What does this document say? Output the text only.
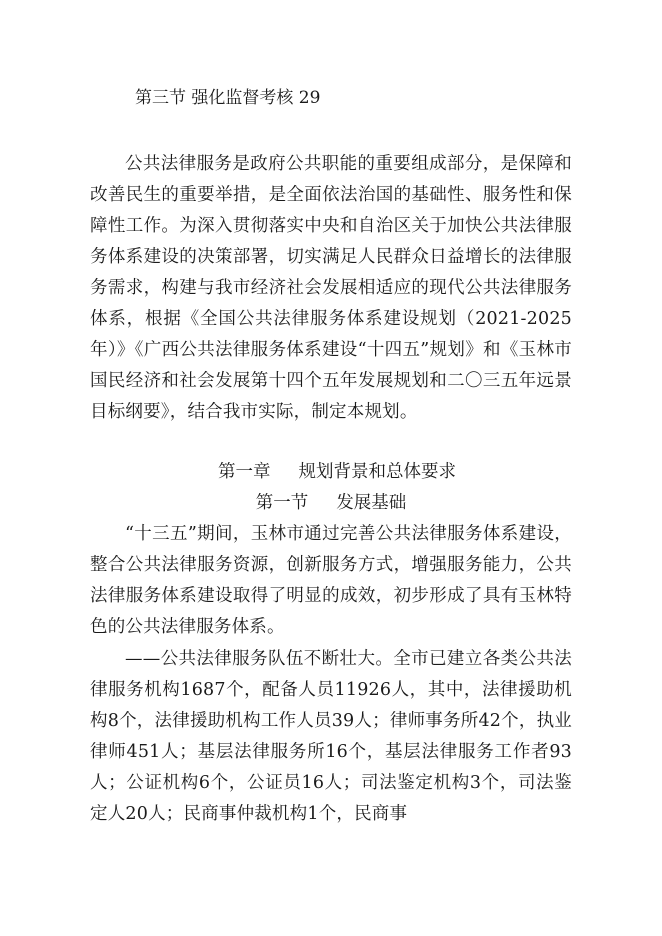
第三节 强化监督考核 29

公共法律服务是政府公共职能的重要组成部分，是保障和改善民生的重要举措，是全面依法治国的基础性、服务性和保障性工作。为深入贯彻落实中央和自治区关于加快公共法律服务体系建设的决策部署，切实满足人民群众日益增长的法律服务需求，构建与我市经济社会发展相适应的现代公共法律服务体系，根据《全国公共法律服务体系建设规划（2021-2025年）》《广西公共法律服务体系建设“十四五”规划》和《玉林市国民经济和社会发展第十四个五年发展规划和二〇三五年远景目标纲要》，结合我市实际，制定本规划。

第一章 规划背景和总体要求
第一节 发展基础

“十三五”期间，玉林市通过完善公共法律服务体系建设，整合公共法律服务资源，创新服务方式，增强服务能力，公共法律服务体系建设取得了明显的成效，初步形成了具有玉林特色的公共法律服务体系。

——公共法律服务队伍不断壮大。全市已建立各类公共法律服务机构1687个，配备人员11926人，其中，法律援助机构8个，法律援助机构工作人员39人；律师事务所42个，执业律师451人；基层法律服务所16个，基层法律服务工作者93人；公证机构6个，公证员16人；司法鉴定机构3个，司法鉴定人20人；民商事仲裁机构1个，民商事
